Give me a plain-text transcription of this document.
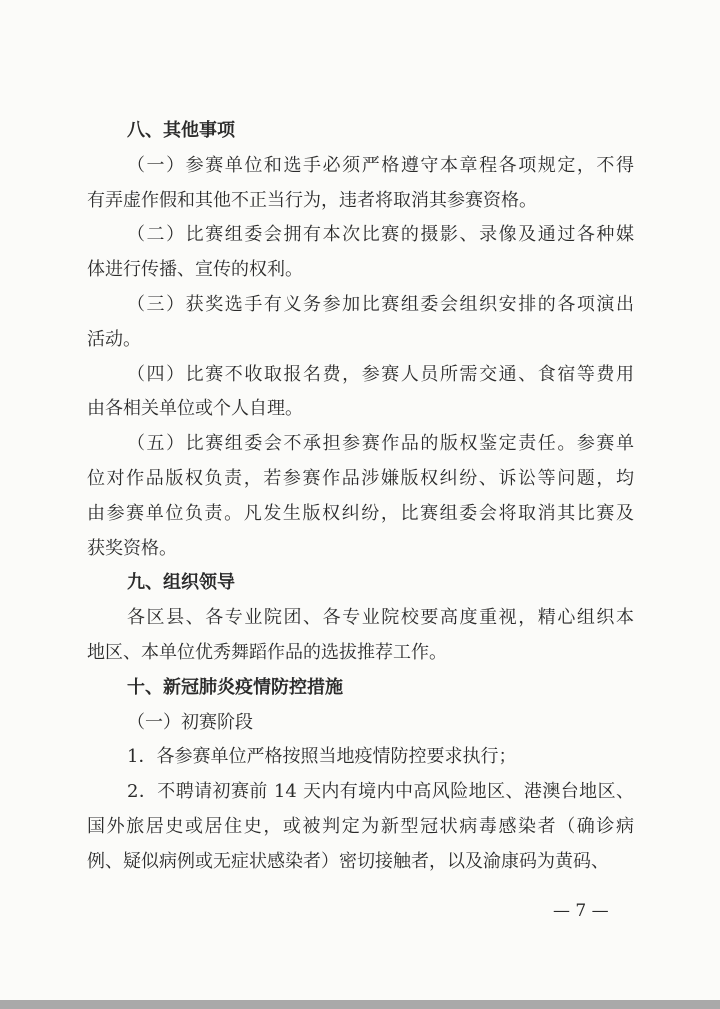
八、其他事项
（一）参赛单位和选手必须严格遵守本章程各项规定，不得
有弄虚作假和其他不正当行为，违者将取消其参赛资格。
（二）比赛组委会拥有本次比赛的摄影、录像及通过各种媒
体进行传播、宣传的权利。
（三）获奖选手有义务参加比赛组委会组织安排的各项演出
活动。
（四）比赛不收取报名费，参赛人员所需交通、食宿等费用
由各相关单位或个人自理。
（五）比赛组委会不承担参赛作品的版权鉴定责任。参赛单
位对作品版权负责，若参赛作品涉嫌版权纠纷、诉讼等问题，均
由参赛单位负责。凡发生版权纠纷，比赛组委会将取消其比赛及
获奖资格。
九、组织领导
各区县、各专业院团、各专业院校要高度重视，精心组织本
地区、本单位优秀舞蹈作品的选拔推荐工作。
十、新冠肺炎疫情防控措施
（一）初赛阶段
1．各参赛单位严格按照当地疫情防控要求执行；
2．不聘请初赛前 14 天内有境内中高风险地区、港澳台地区、
国外旅居史或居住史，或被判定为新型冠状病毒感染者（确诊病
例、疑似病例或无症状感染者）密切接触者，以及渝康码为黄码、
— 7 —
